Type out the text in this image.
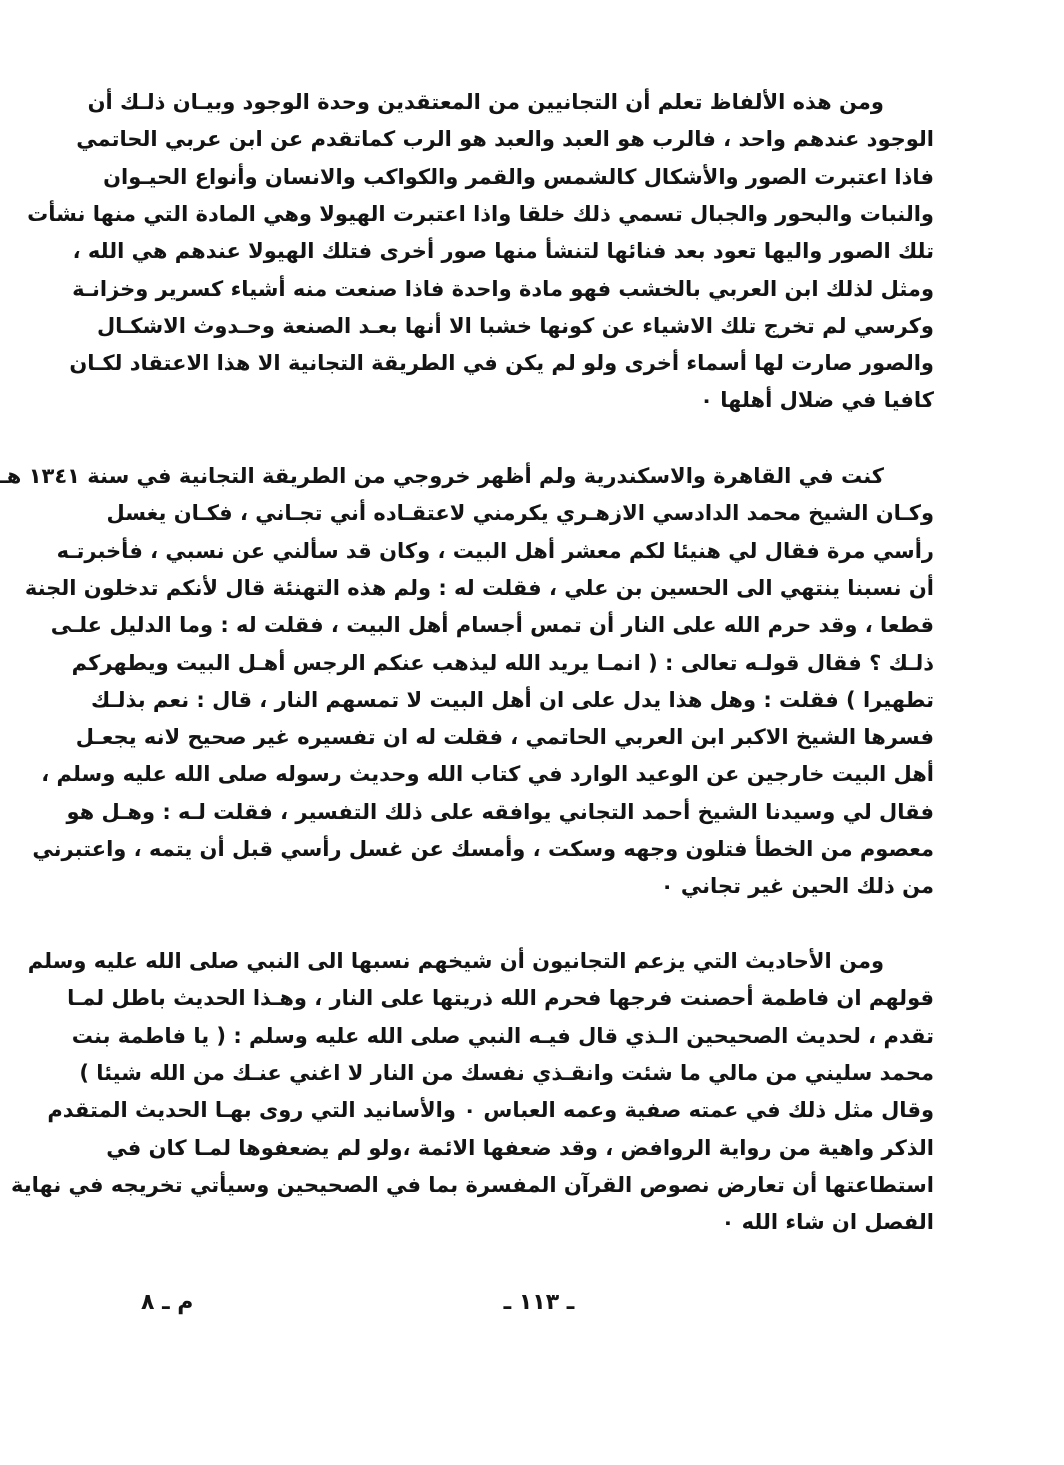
ومن هذه الألفاظ تعلم أن التجانيين من المعتقدين وحدة الوجود وبيـان ذلـك أن
الوجود عندهم واحد ، فالرب هو العبد والعبد هو الرب كماتقدم عن ابن عربي الحاتمي
فاذا اعتبرت الصور والأشكال كالشمس والقمر والكواكب والانسان وأنواع الحيـوان
والنبات والبحور والجبال تسمي ذلك خلقا واذا اعتبرت الهيولا وهي المادة التي منها نشأت
تلك الصور واليها تعود بعد فنائها لتنشأ منها صور أخرى فتلك الهيولا عندهم هي الله ،
ومثل لذلك ابن العربي بالخشب فهو مادة واحدة فاذا صنعت منه أشياء كسرير وخزانـة
وكرسي لم تخرج تلك الاشياء عن كونها خشبا الا أنها بعـد الصنعة وحـدوث الاشكـال
والصور صارت لها أسماء أخرى ولو لم يكن في الطريقة التجانية الا هذا الاعتقاد لكـان
كافيا في ضلال أهلها ٠
كنت في القاهرة والاسكندرية ولم أظهر خروجي من الطريقة التجانية في سنة ١٣٤١ هـ
وكـان الشيخ محمد الدادسي الازهـري يكرمني لاعتقـاده أني تجـاني ، فكـان يغسل
رأسي مرة فقال لي هنيئا لكم معشر أهل البيت ، وكان قد سألني عن نسبي ، فأخبرتـه
أن نسبنا ينتهي الى الحسين بن علي ، فقلت له : ولم هذه التهنئة قال لأنكم تدخلون الجنة
قطعا ، وقد حرم الله على النار أن تمس أجسام أهل البيت ، فقلت له : وما الدليل علـى
ذلـك ؟ فقال قولـه تعالى : ( انمـا يريد الله ليذهب عنكم الرجس أهـل البيت ويطهركم
تطهيرا ) فقلت : وهل هذا يدل على ان أهل البيت لا تمسهم النار ، قال : نعم بذلـك
فسرها الشيخ الاكبر ابن العربي الحاتمي ، فقلت له ان تفسيره غير صحيح لانه يجعـل
أهل البيت خارجين عن الوعيد الوارد في كتاب الله وحديث رسوله صلى الله عليه وسلم ،
فقال لي وسيدنا الشيخ أحمد التجاني يوافقه على ذلك التفسير ، فقلت لـه : وهـل هو
معصوم من الخطأ فتلون وجهه وسكت ، وأمسك عن غسل رأسي قبل أن يتمه ، واعتبرني
من ذلك الحين غير تجاني ٠
ومن الأحاديث التي يزعم التجانيون أن شيخهم نسبها الى النبي صلى الله عليه وسلم
قولهم ان فاطمة أحصنت فرجها فحرم الله ذريتها على النار ، وهـذا الحديث باطل لمـا
تقدم ، لحديث الصحيحين الـذي قال فيـه النبي صلى الله عليه وسلم : ( يا فاطمة بنت
محمد سليني من مالي ما شئت وانقـذي نفسك من النار لا اغني عنـك من الله شيئا )
وقال مثل ذلك في عمته صفية وعمه العباس ٠ والأسانيد التي روى بهـا الحديث المتقدم
الذكر واهية من رواية الروافض ، وقد ضعفها الائمة ،ولو لم يضعفوها لمـا كان في
استطاعتها أن تعارض نصوص القرآن المفسرة بما في الصحيحين وسيأتي تخريجه في نهاية
الفصل ان شاء الله ٠
ـ ١١٣ ـ
م ـ ٨
